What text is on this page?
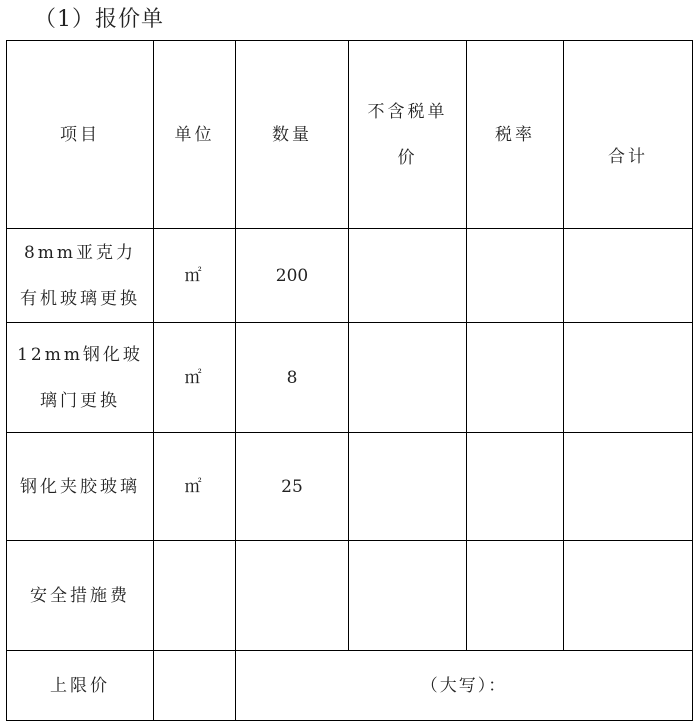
（1）报价单
项目	单位	数量	不含税单价	税率	合计
8mm亚克力有机玻璃更换	㎡	200			
12mm钢化玻璃门更换	㎡	8			
钢化夹胶玻璃	㎡	25			
安全措施费					
上限价		（大写）：			
